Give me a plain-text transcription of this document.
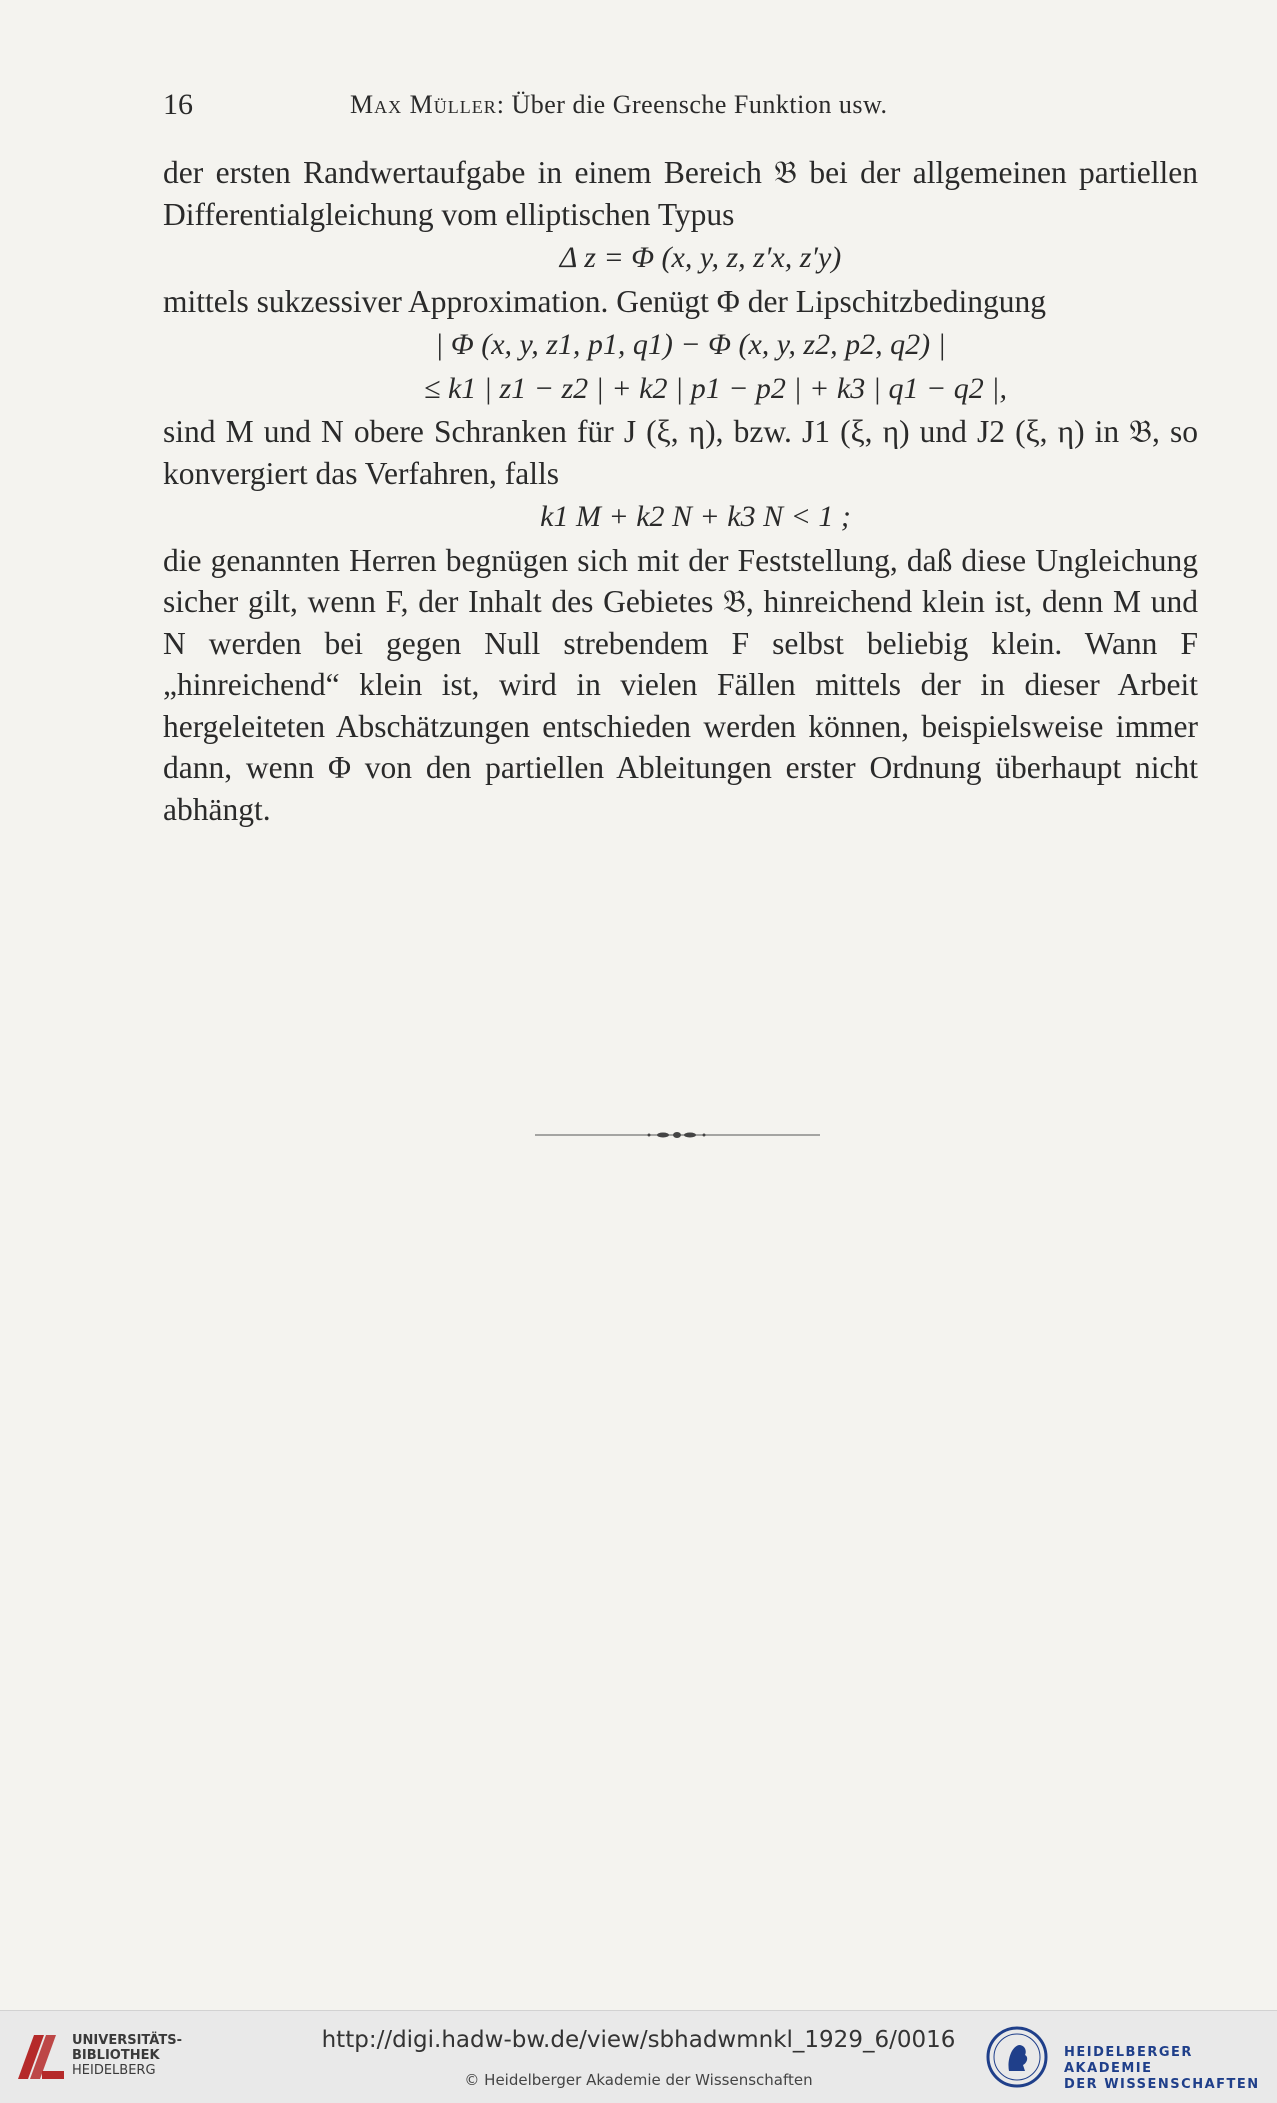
16	Max Müller: Über die Greensche Funktion usw.

der ersten Randwertaufgabe in einem Bereich 𝔅 bei der allgemeinen partiellen Differentialgleichung vom elliptischen Typus

Δ z = Φ (x, y, z, z′x, z′y)

mittels sukzessiver Approximation. Genügt Φ der Lipschitzbedingung

| Φ (x, y, z1, p1, q1) − Φ (x, y, z2, p2, q2) |
≤ k1 | z1 − z2 | + k2 | p1 − p2 | + k3 | q1 − q2 |,

sind M und N obere Schranken für J (ξ, η), bzw. J1 (ξ, η) und J2 (ξ, η) in 𝔅, so konvergiert das Verfahren, falls

k1 M + k2 N + k3 N < 1 ;

die genannten Herren begnügen sich mit der Feststellung, daß diese Ungleichung sicher gilt, wenn F, der Inhalt des Gebietes 𝔅, hinreichend klein ist, denn M und N werden bei gegen Null strebendem F selbst beliebig klein. Wann F „hinreichend“ klein ist, wird in vielen Fällen mittels der in dieser Arbeit hergeleiteten Abschätzungen entschieden werden können, beispielsweise immer dann, wenn Φ von den partiellen Ableitungen erster Ordnung überhaupt nicht abhängt.

UNIVERSITÄTS-
BIBLIOTHEK
HEIDELBERG
http://digi.hadw-bw.de/view/sbhadwmnkl_1929_6/0016
© Heidelberger Akademie der Wissenschaften
HEIDELBERGER AKADEMIE
DER WISSENSCHAFTEN
